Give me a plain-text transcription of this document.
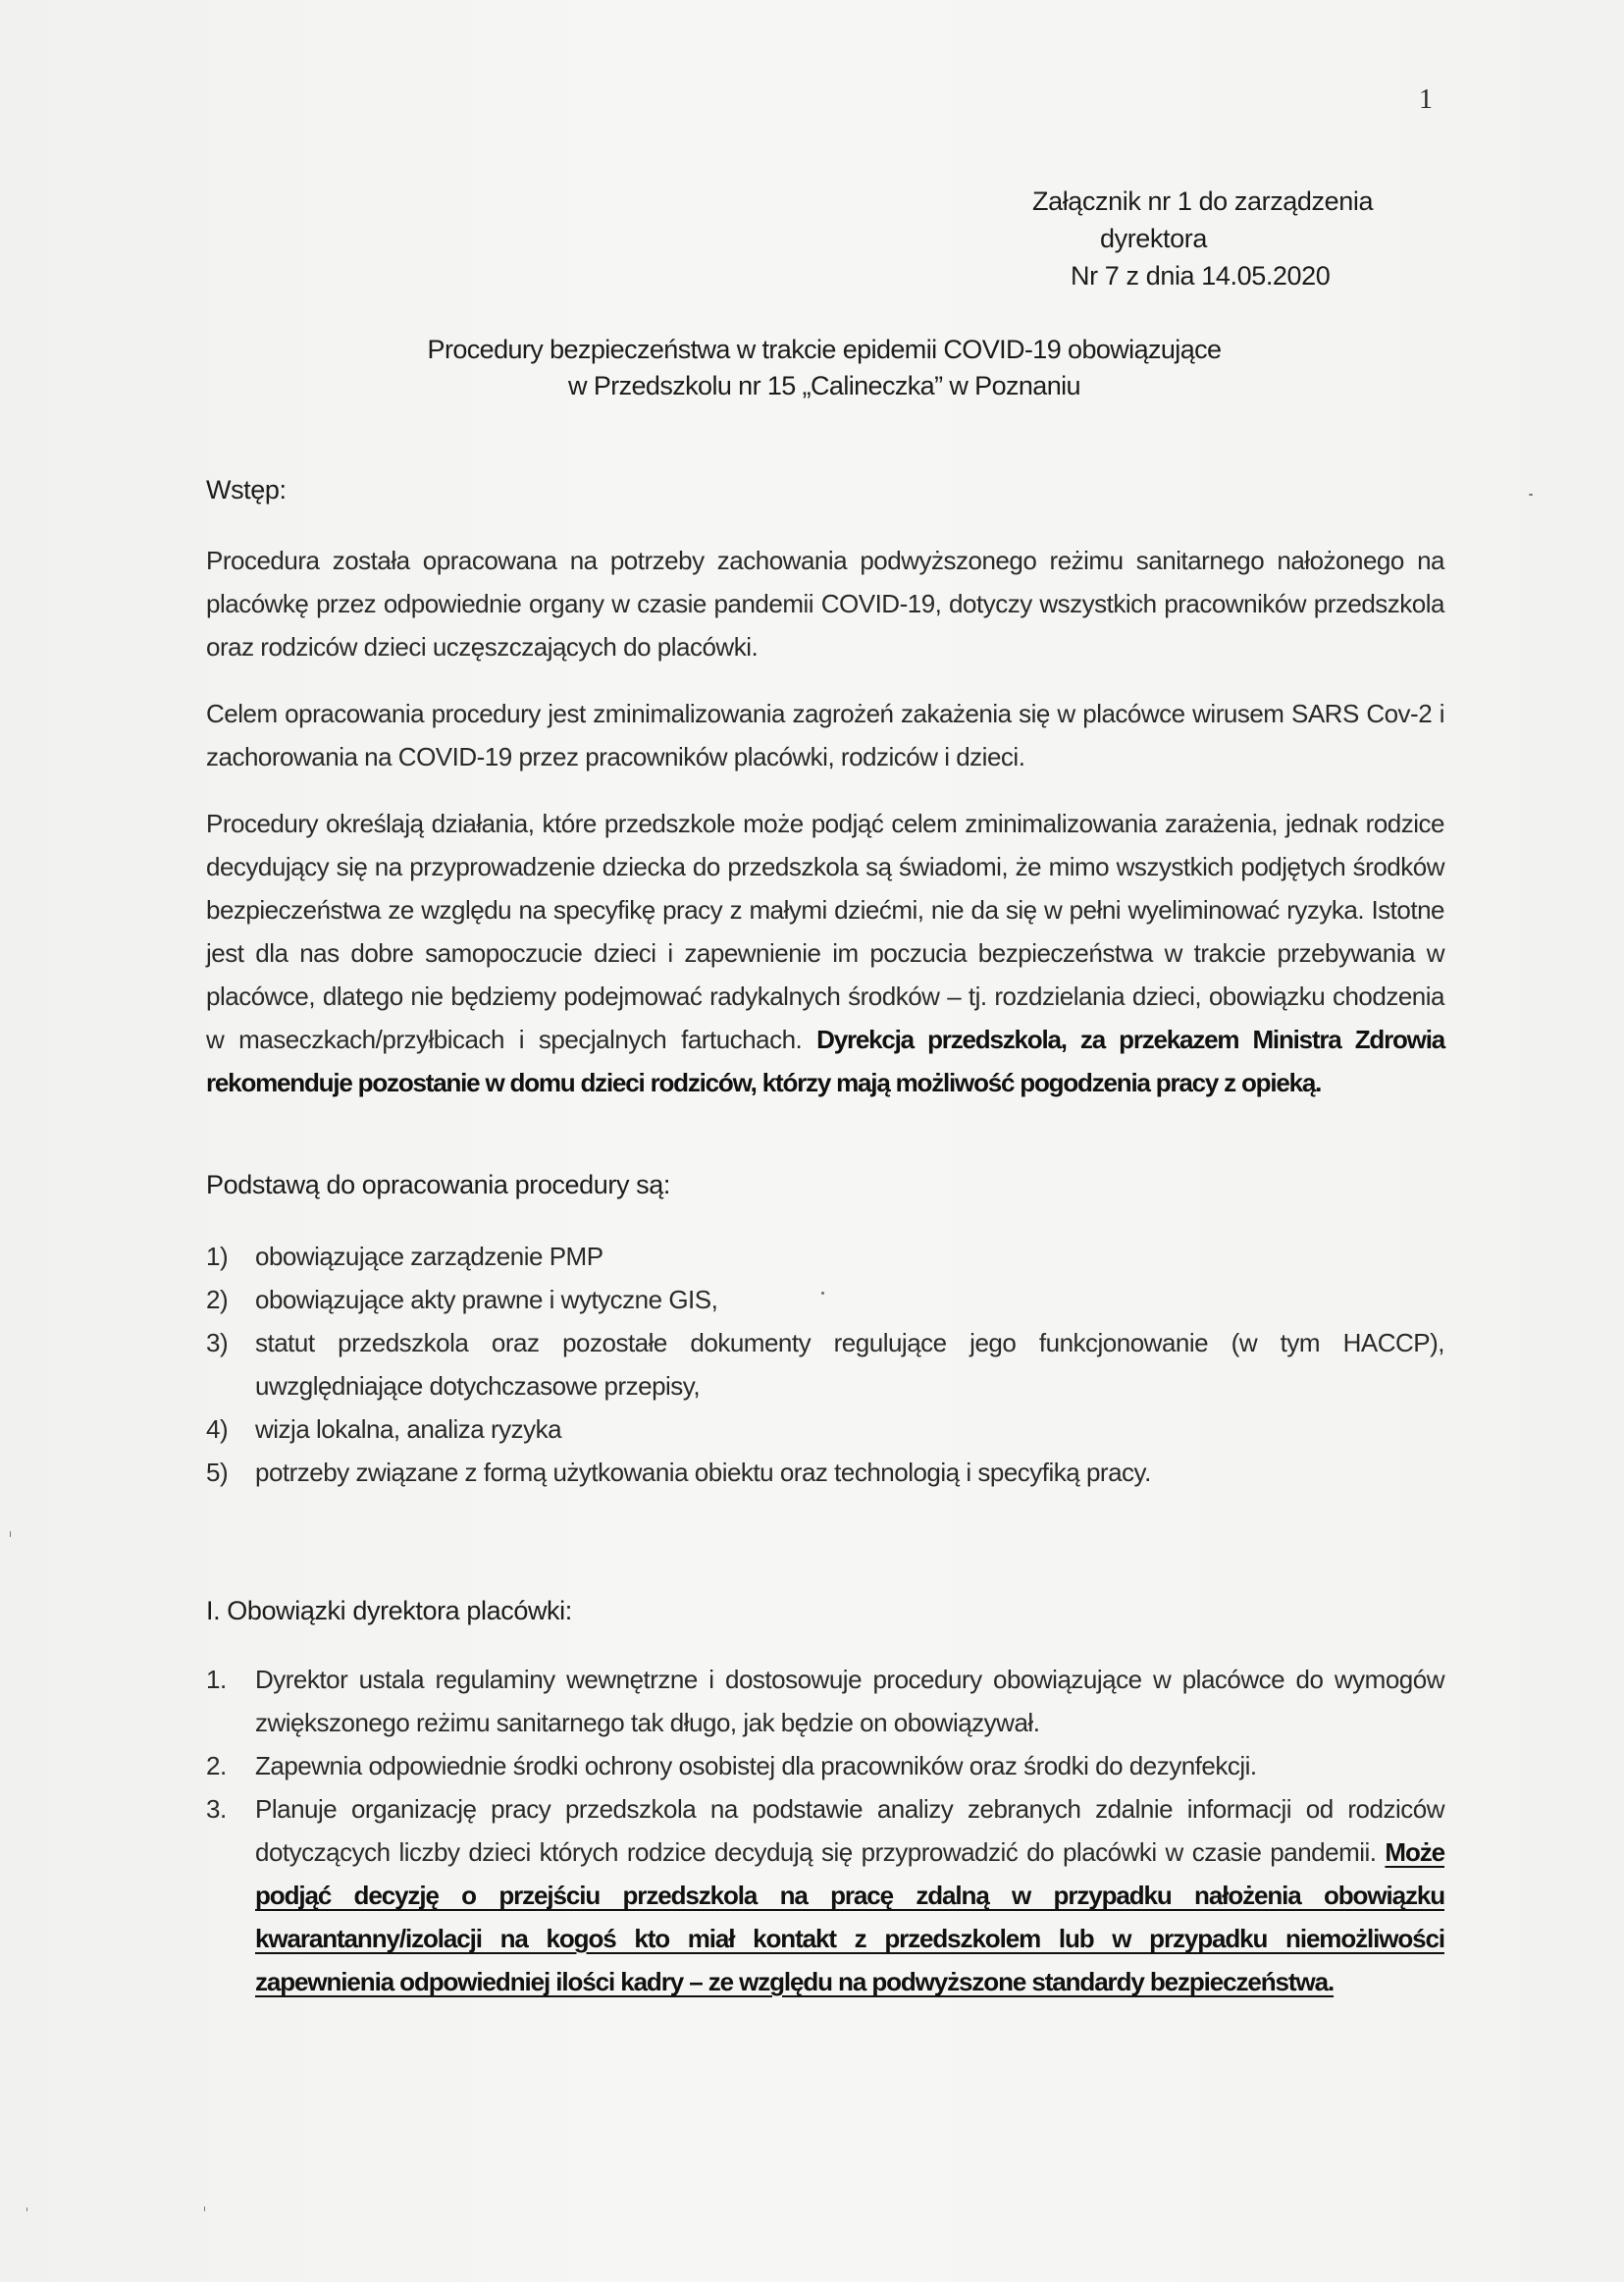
1
Załącznik nr 1 do zarządzenia
dyrektora
Nr 7 z dnia 14.05.2020
Procedury bezpieczeństwa w trakcie epidemii COVID-19 obowiązujące
w Przedszkolu nr 15 „Calineczka” w Poznaniu
Wstęp:
Procedura została opracowana na potrzeby zachowania podwyższonego reżimu sanitarnego nałożonego na placówkę przez odpowiednie organy w czasie pandemii COVID-19, dotyczy wszystkich pracowników przedszkola oraz rodziców dzieci uczęszczających do placówki.
Celem opracowania procedury jest zminimalizowania zagrożeń zakażenia się w placówce wirusem SARS Cov-2 i zachorowania na COVID-19 przez pracowników placówki, rodziców i dzieci.
Procedury określają działania, które przedszkole może podjąć celem zminimalizowania zarażenia, jednak rodzice decydujący się na przyprowadzenie dziecka do przedszkola są świadomi, że mimo wszystkich podjętych środków bezpieczeństwa ze względu na specyfikę pracy z małymi dziećmi, nie da się w pełni wyeliminować ryzyka. Istotne jest dla nas dobre samopoczucie dzieci i zapewnienie im poczucia bezpieczeństwa w trakcie przebywania w placówce, dlatego nie będziemy podejmować radykalnych środków – tj. rozdzielania dzieci, obowiązku chodzenia w maseczkach/przyłbicach i specjalnych fartuchach. Dyrekcja przedszkola, za przekazem Ministra Zdrowia rekomenduje pozostanie w domu dzieci rodziców, którzy mają możliwość pogodzenia pracy z opieką.
Podstawą do opracowania procedury są:
1)	obowiązujące zarządzenie PMP
2)	obowiązujące akty prawne i wytyczne GIS,
3)	statut przedszkola oraz pozostałe dokumenty regulujące jego funkcjonowanie (w tym HACCP), uwzględniające dotychczasowe przepisy,
4)	wizja lokalna, analiza ryzyka
5)	potrzeby związane z formą użytkowania obiektu oraz technologią i specyfiką pracy.
I. Obowiązki dyrektora placówki:
1.	Dyrektor ustala regulaminy wewnętrzne i dostosowuje procedury obowiązujące w placówce do wymogów zwiększonego reżimu sanitarnego tak długo, jak będzie on obowiązywał.
2.	Zapewnia odpowiednie środki ochrony osobistej dla pracowników oraz środki do dezynfekcji.
3.	Planuje organizację pracy przedszkola na podstawie analizy zebranych zdalnie informacji od rodziców dotyczących liczby dzieci których rodzice decydują się przyprowadzić do placówki w czasie pandemii. Może podjąć decyzję o przejściu przedszkola na pracę zdalną w przypadku nałożenia obowiązku kwarantanny/izolacji na kogoś kto miał kontakt z przedszkolem lub w przypadku niemożliwości zapewnienia odpowiedniej ilości kadry – ze względu na podwyższone standardy bezpieczeństwa.
